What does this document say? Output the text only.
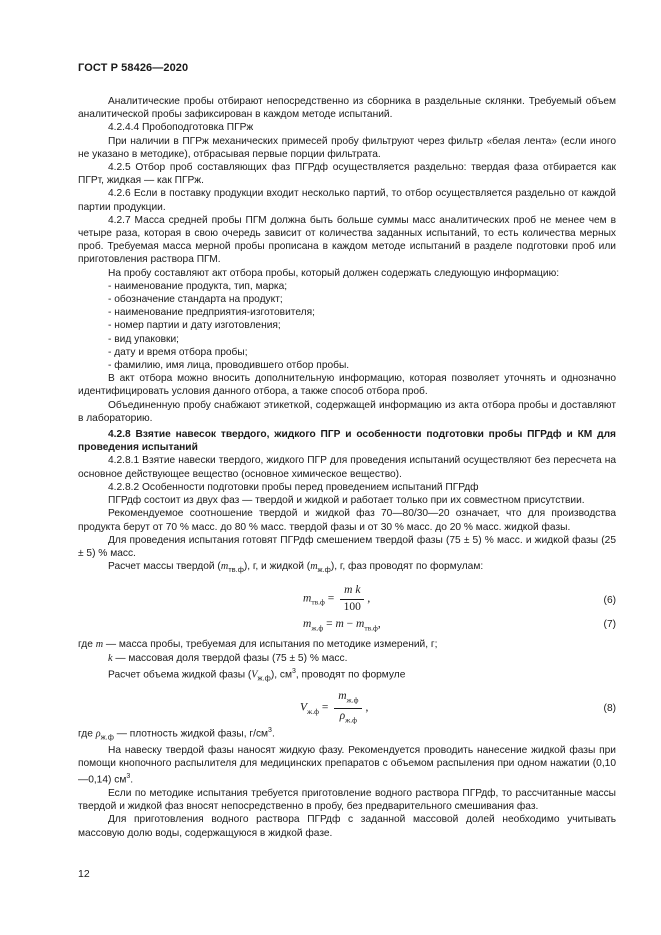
ГОСТ Р 58426—2020

Аналитические пробы отбирают непосредственно из сборника в раздельные склянки. Требуемый объем аналитической пробы зафиксирован в каждом методе испытаний.

4.2.4.4 Пробоподготовка ПГРж

При наличии в ПГРж механических примесей пробу фильтруют через фильтр «белая лента» (если иного не указано в методике), отбрасывая первые порции фильтрата.

4.2.5 Отбор проб составляющих фаз ПГРдф осуществляется раздельно: твердая фаза отбирается как ПГРт, жидкая — как ПГРж.

4.2.6 Если в поставку продукции входит несколько партий, то отбор осуществляется раздельно от каждой партии продукции.

4.2.7 Масса средней пробы ПГМ должна быть больше суммы масс аналитических проб не менее чем в четыре раза, которая в свою очередь зависит от количества заданных испытаний, то есть количества мерных проб. Требуемая масса мерной пробы прописана в каждом методе испытаний в разделе подготовки проб или приготовления раствора ПГМ.

На пробу составляют акт отбора пробы, который должен содержать следующую информацию:

- наименование продукта, тип, марка;

- обозначение стандарта на продукт;

- наименование предприятия-изготовителя;

- номер партии и дату изготовления;

- вид упаковки;

- дату и время отбора пробы;

- фамилию, имя лица, проводившего отбор пробы.

В акт отбора можно вносить дополнительную информацию, которая позволяет уточнять и однозначно идентифицировать условия данного отбора, а также способ отбора проб.

Объединенную пробу снабжают этикеткой, содержащей информацию из акта отбора пробы и доставляют в лабораторию.

4.2.8 Взятие навесок твердого, жидкого ПГР и особенности подготовки пробы ПГРдф и КМ для проведения испытаний

4.2.8.1 Взятие навески твердого, жидкого ПГР для проведения испытаний осуществляют без пересчета на основное действующее вещество (основное химическое вещество).

4.2.8.2 Особенности подготовки пробы перед проведением испытаний ПГРдф

ПГРдф состоит из двух фаз — твердой и жидкой и работает только при их совместном присутствии.

Рекомендуемое соотношение твердой и жидкой фаз 70—80/30—20 означает, что для производства продукта берут от 70 % масс. до 80 % масс. твердой фазы и от 30 % масс. до 20 % масс. жидкой фазы.

Для проведения испытания готовят ПГРдф смешением твердой фазы (75 ± 5) % масс. и жидкой фазы (25 ± 5) % масс.

Расчет массы твердой $(m_{тв.ф})$, г, и жидкой $(m_{ж.ф})$, г, фаз проводят по формулам:

$m_{тв.ф} = \frac{\text{m k}}{100}$ ,	(6)
$m_{ж.ф} = m - m_{тв.ф}$,	(7)

где m — масса пробы, требуемая для испытания по методике измерений, г;

k — массовая доля твердой фазы (75 ± 5) % масс.

Расчет объема жидкой фазы $(V_{ж.ф})$, $см^3$, проводят по формуле

$V_{ж.ф} = \frac{m_{ж.ф}}{\rho_{ж.ф}}$ ,	(8)

где $\rho_{ж.ф}$ — плотность жидкой фазы, $г/см^3$.

На навеску твердой фазы наносят жидкую фазу. Рекомендуется проводить нанесение жидкой фазы при помощи кнопочного распылителя для медицинских препаратов с объемом распыления при одном нажатии (0,10—0,14) $см^3$.

Если по методике испытания требуется приготовление водного раствора ПГРдф, то рассчитанные массы твердой и жидкой фаз вносят непосредственно в пробу, без предварительного смешивания фаз.

Для приготовления водного раствора ПГРдф с заданной массовой долей необходимо учитывать массовую долю воды, содержащуюся в жидкой фазе.

12
